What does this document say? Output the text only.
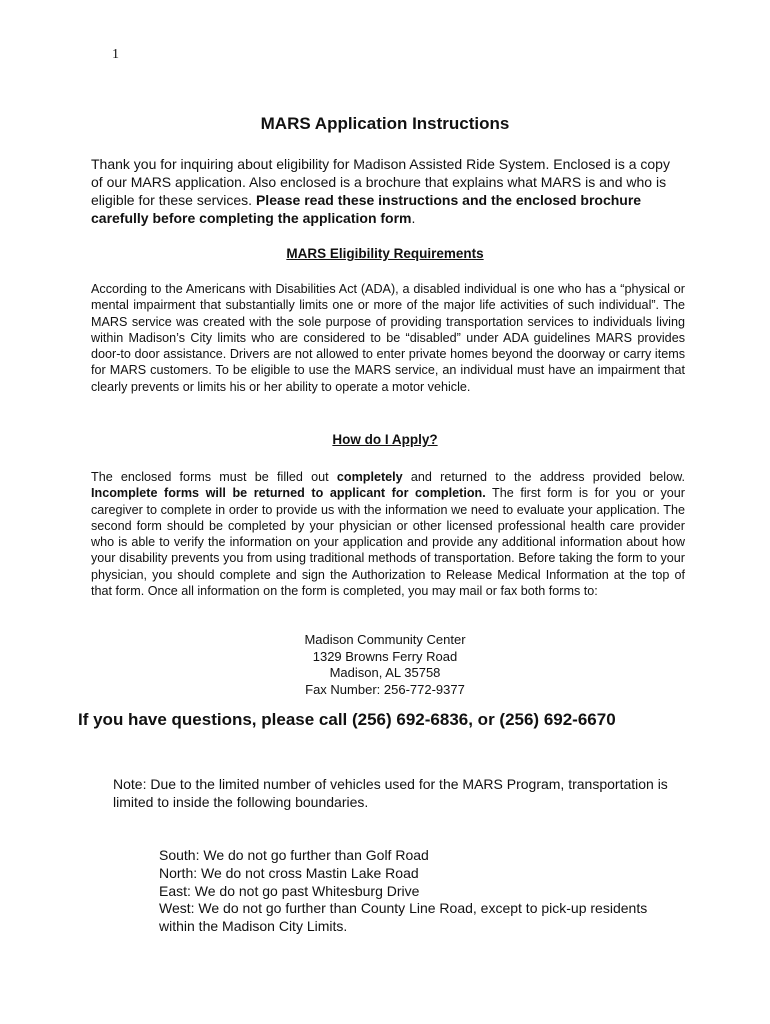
1
MARS Application Instructions

Thank you for inquiring about eligibility for Madison Assisted Ride System. Enclosed is a copy of our MARS application. Also enclosed is a brochure that explains what MARS is and who is eligible for these services. Please read these instructions and the enclosed brochure carefully before completing the application form.

MARS Eligibility Requirements

According to the Americans with Disabilities Act (ADA), a disabled individual is one who has a “physical or mental impairment that substantially limits one or more of the major life activities of such individual”. The MARS service was created with the sole purpose of providing transportation services to individuals living within Madison’s City limits who are considered to be “disabled” under ADA guidelines MARS provides door-to door assistance. Drivers are not allowed to enter private homes beyond the doorway or carry items for MARS customers. To be eligible to use the MARS service, an individual must have an impairment that clearly prevents or limits his or her ability to operate a motor vehicle.

How do I Apply?

The enclosed forms must be filled out completely and returned to the address provided below. Incomplete forms will be returned to applicant for completion. The first form is for you or your caregiver to complete in order to provide us with the information we need to evaluate your application. The second form should be completed by your physician or other licensed professional health care provider who is able to verify the information on your application and provide any additional information about how your disability prevents you from using traditional methods of transportation. Before taking the form to your physician, you should complete and sign the Authorization to Release Medical Information at the top of that form. Once all information on the form is completed, you may mail or fax both forms to:

Madison Community Center
1329 Browns Ferry Road
Madison, AL 35758
Fax Number: 256-772-9377
If you have questions, please call (256) 692-6836, or (256) 692-6670

Note: Due to the limited number of vehicles used for the MARS Program, transportation is limited to inside the following boundaries.

South: We do not go further than Golf Road
North: We do not cross Mastin Lake Road
East: We do not go past Whitesburg Drive
West: We do not go further than County Line Road, except to pick-up residents within the Madison City Limits.
